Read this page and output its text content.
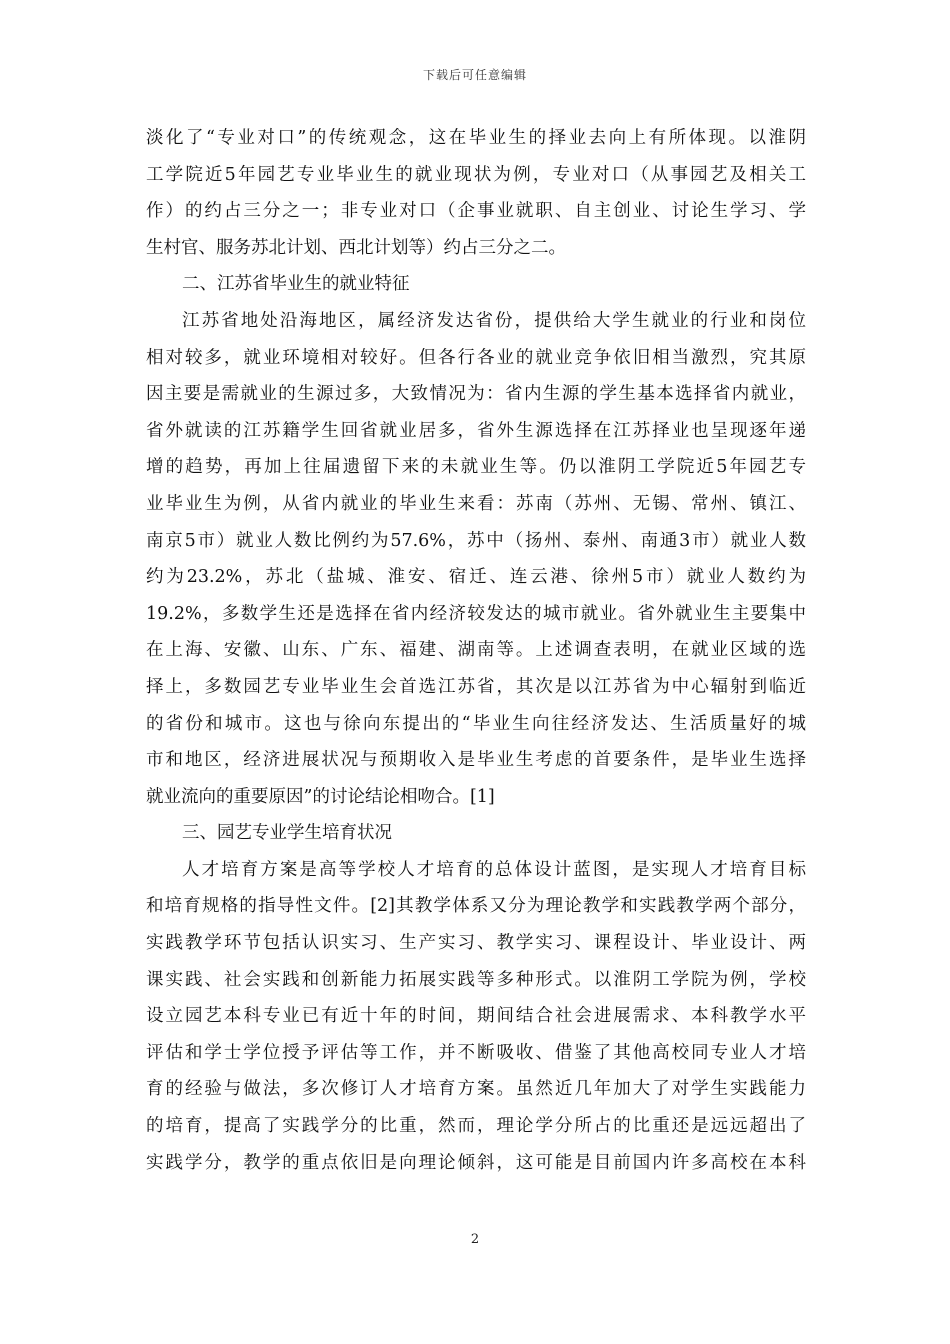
下载后可任意编辑
淡化了“专业对口”的传统观念，这在毕业生的择业去向上有所体现。以淮阴
工学院近5年园艺专业毕业生的就业现状为例，专业对口（从事园艺及相关工
作）的约占三分之一；非专业对口（企事业就职、自主创业、讨论生学习、学
生村官、服务苏北计划、西北计划等）约占三分之二。
二、江苏省毕业生的就业特征
江苏省地处沿海地区，属经济发达省份，提供给大学生就业的行业和岗位
相对较多，就业环境相对较好。但各行各业的就业竞争依旧相当激烈，究其原
因主要是需就业的生源过多，大致情况为：省内生源的学生基本选择省内就业，
省外就读的江苏籍学生回省就业居多，省外生源选择在江苏择业也呈现逐年递
增的趋势，再加上往届遗留下来的未就业生等。仍以淮阴工学院近5年园艺专
业毕业生为例，从省内就业的毕业生来看：苏南（苏州、无锡、常州、镇江、
南京5市）就业人数比例约为57.6%，苏中（扬州、泰州、南通3市）就业人数
约为23.2%，苏北（盐城、淮安、宿迁、连云港、徐州5市）就业人数约为
19.2%，多数学生还是选择在省内经济较发达的城市就业。省外就业生主要集中
在上海、安徽、山东、广东、福建、湖南等。上述调查表明，在就业区域的选
择上，多数园艺专业毕业生会首选江苏省，其次是以江苏省为中心辐射到临近
的省份和城市。这也与徐向东提出的“毕业生向往经济发达、生活质量好的城
市和地区，经济进展状况与预期收入是毕业生考虑的首要条件，是毕业生选择
就业流向的重要原因”的讨论结论相吻合。[1]
三、园艺专业学生培育状况
人才培育方案是高等学校人才培育的总体设计蓝图，是实现人才培育目标
和培育规格的指导性文件。[2]其教学体系又分为理论教学和实践教学两个部分，
实践教学环节包括认识实习、生产实习、教学实习、课程设计、毕业设计、两
课实践、社会实践和创新能力拓展实践等多种形式。以淮阴工学院为例，学校
设立园艺本科专业已有近十年的时间，期间结合社会进展需求、本科教学水平
评估和学士学位授予评估等工作，并不断吸收、借鉴了其他高校同专业人才培
育的经验与做法，多次修订人才培育方案。虽然近几年加大了对学生实践能力
的培育，提高了实践学分的比重，然而，理论学分所占的比重还是远远超出了
实践学分，教学的重点依旧是向理论倾斜，这可能是目前国内许多高校在本科
2
